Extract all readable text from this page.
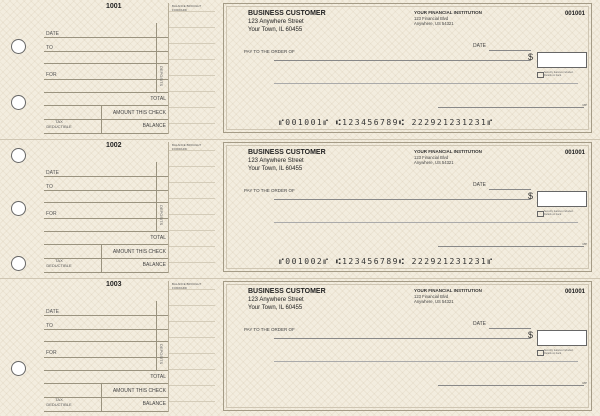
1001
DATE
TO
FOR
TOTAL
AMOUNT THIS CHECK
TAX DEDUCTIBLE	BALANCE
DEPOSITS
BALANCE BROUGHT FORWARD	BUSINESS CUSTOMER
123 Anywhere Street
Your Town, IL 60455
YOUR FINANCIAL INSTITUTION
123 Financial Blvd
Anywhere, US 54321
001001
DATE
PAY TO THE ORDER OF
$
Security features included. Details on back.
MP
⑈001001⑈ ⑆123456789⑆ 222921231231⑈
1002
DATE
TO
FOR
TOTAL
AMOUNT THIS CHECK
TAX DEDUCTIBLE	BALANCE
DEPOSITS
BALANCE BROUGHT FORWARD	BUSINESS CUSTOMER
123 Anywhere Street
Your Town, IL 60455
YOUR FINANCIAL INSTITUTION
123 Financial Blvd
Anywhere, US 54321
001001
DATE
PAY TO THE ORDER OF
$
Security features included. Details on back.
MP
⑈001002⑈ ⑆123456789⑆ 222921231231⑈
1003
DATE
TO
FOR
TOTAL
AMOUNT THIS CHECK
TAX DEDUCTIBLE	BALANCE
DEPOSITS
BALANCE BROUGHT FORWARD	BUSINESS CUSTOMER
123 Anywhere Street
Your Town, IL 60455
YOUR FINANCIAL INSTITUTION
123 Financial Blvd
Anywhere, US 54321
001001
DATE
PAY TO THE ORDER OF
$
Security features included. Details on back.
MP
